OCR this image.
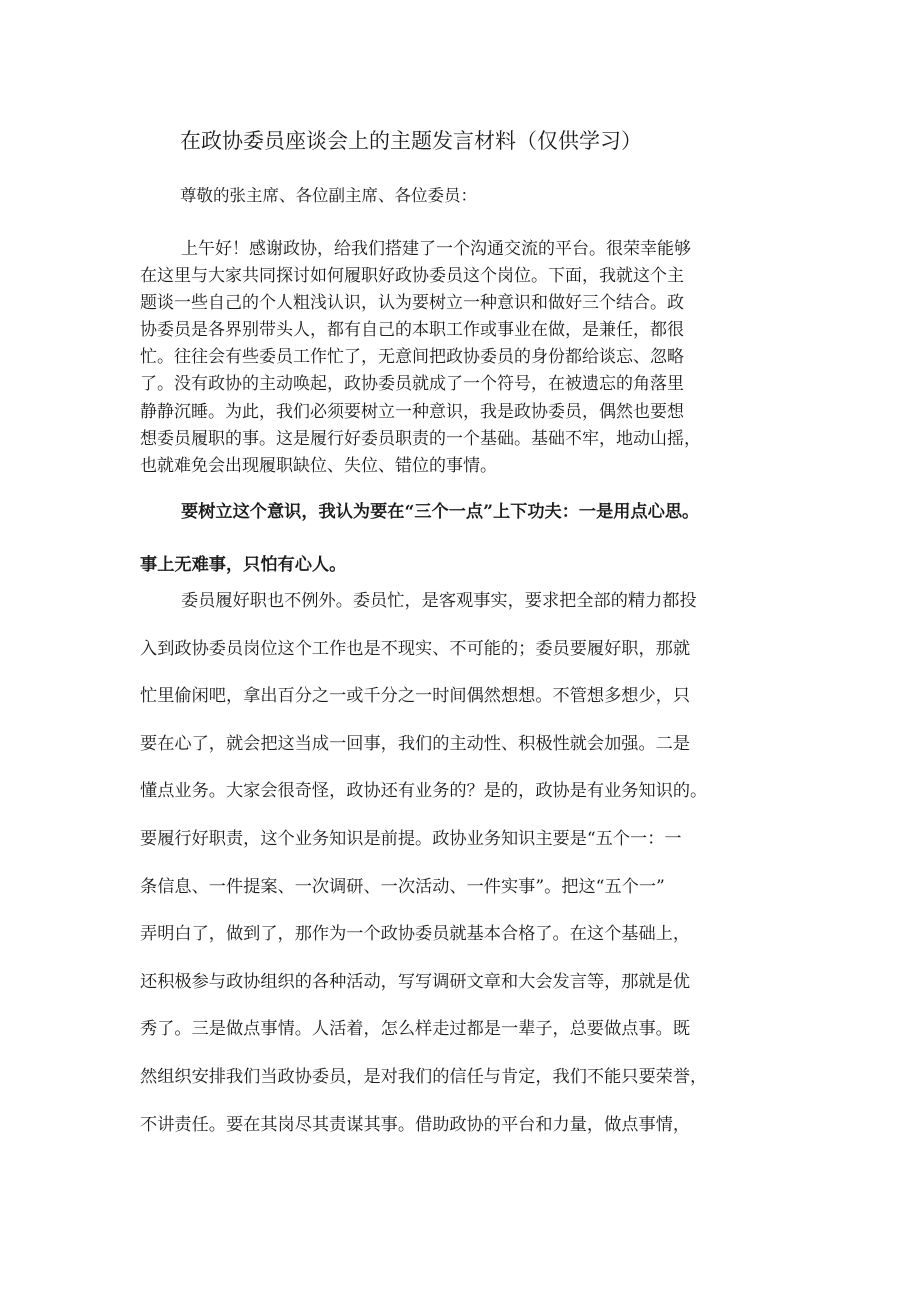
在政协委员座谈会上的主题发言材料（仅供学习）

尊敬的张主席、各位副主席、各位委员：

上午好！感谢政协，给我们搭建了一个沟通交流的平台。很荣幸能够
在这里与大家共同探讨如何履职好政协委员这个岗位。下面，我就这个主
题谈一些自己的个人粗浅认识，认为要树立一种意识和做好三个结合。政
协委员是各界别带头人，都有自己的本职工作或事业在做，是兼任，都很
忙。往往会有些委员工作忙了，无意间把政协委员的身份都给谈忘、忽略
了。没有政协的主动唤起，政协委员就成了一个符号，在被遗忘的角落里
静静沉睡。为此，我们必须要树立一种意识，我是政协委员，偶然也要想
想委员履职的事。这是履行好委员职责的一个基础。基础不牢，地动山摇，
也就难免会出现履职缺位、失位、错位的事情。

要树立这个意识，我认为要在“三个一点”上下功夫：一是用点心思。
事上无难事，只怕有心人。

委员履好职也不例外。委员忙，是客观事实，要求把全部的精力都投
入到政协委员岗位这个工作也是不现实、不可能的；委员要履好职，那就
忙里偷闲吧，拿出百分之一或千分之一时间偶然想想。不管想多想少，只
要在心了，就会把这当成一回事，我们的主动性、积极性就会加强。二是
懂点业务。大家会很奇怪，政协还有业务的？是的，政协是有业务知识的。
要履行好职责，这个业务知识是前提。政协业务知识主要是“五个一：一
条信息、一件提案、一次调研、一次活动、一件实事”。把这“五个一”
弄明白了，做到了，那作为一个政协委员就基本合格了。在这个基础上，
还积极参与政协组织的各种活动，写写调研文章和大会发言等，那就是优
秀了。三是做点事情。人活着，怎么样走过都是一辈子，总要做点事。既
然组织安排我们当政协委员，是对我们的信任与肯定，我们不能只要荣誉，
不讲责任。要在其岗尽其责谋其事。借助政协的平台和力量，做点事情，
